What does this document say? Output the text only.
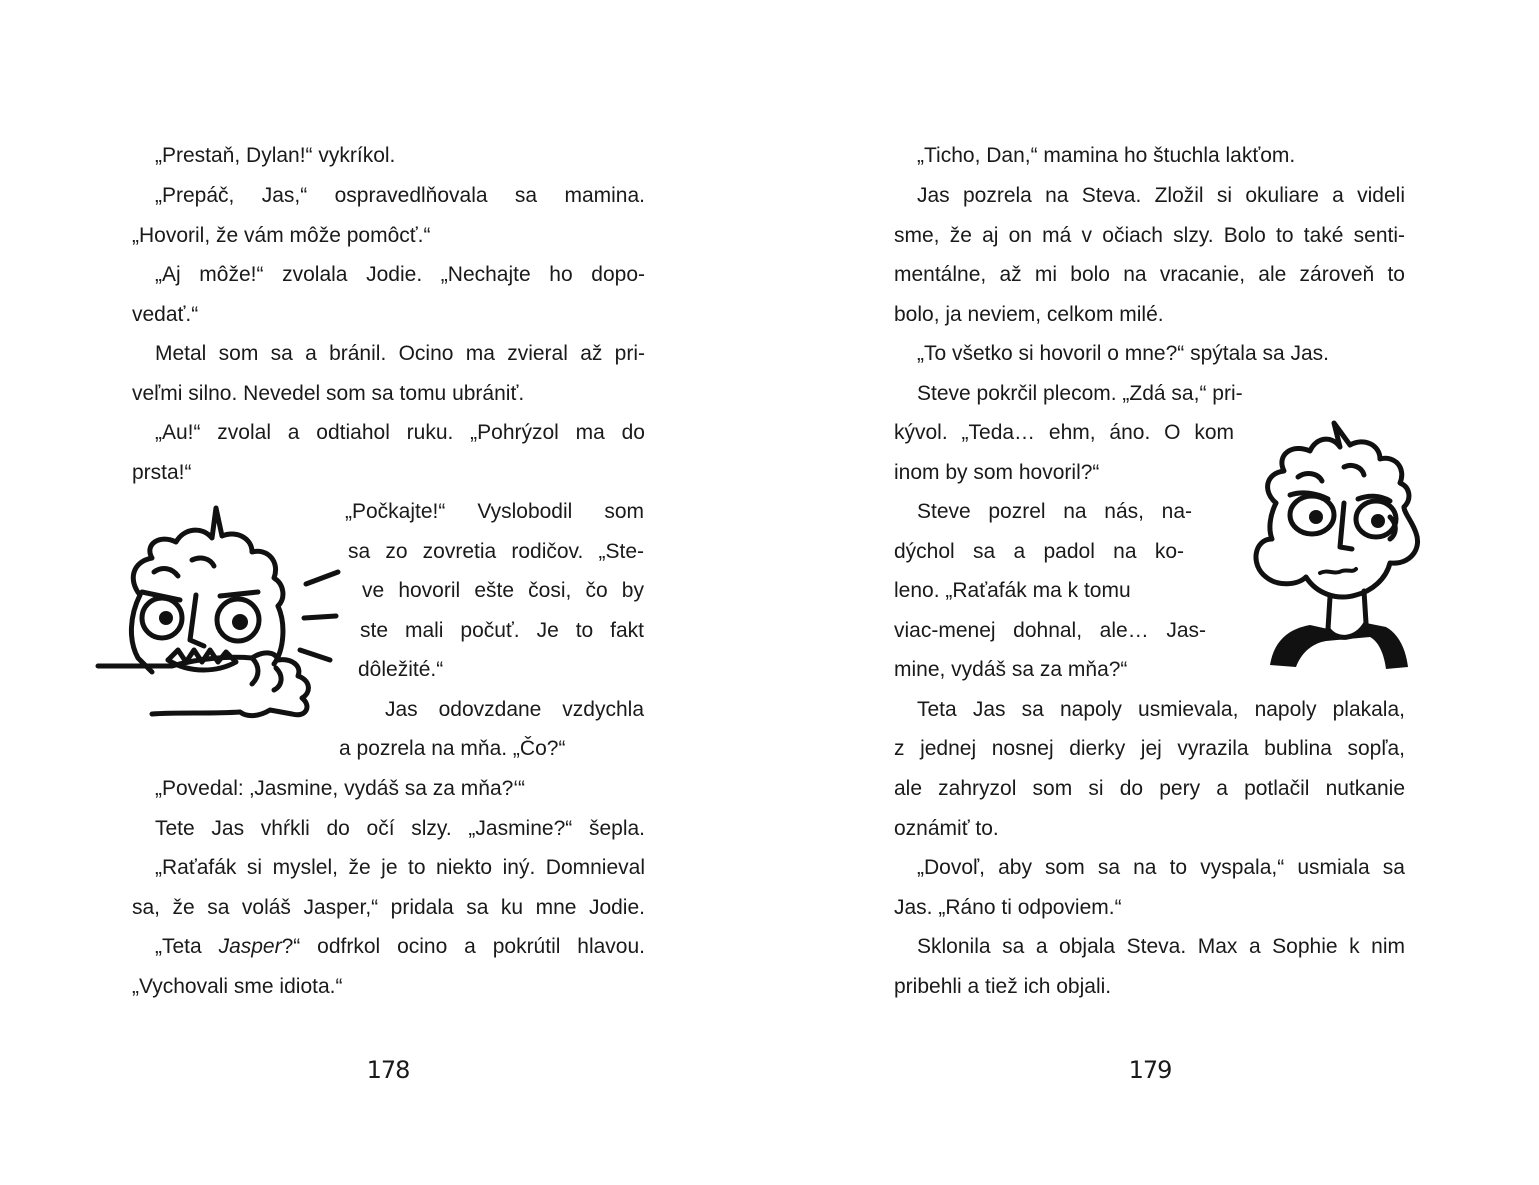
„Prestaň, Dylan!“ vykríkol.
„Prepáč, Jas,“ ospravedlňovala sa mamina.
„Hovoril, že vám môže pomôcť.“
„Aj môže!“ zvolala Jodie. „Nechajte ho dopo-
vedať.“
Metal som sa a bránil. Ocino ma zvieral až pri-
veľmi silno. Nevedel som sa tomu ubrániť.
„Au!“ zvolal a odtiahol ruku. „Pohrýzol ma do
prsta!“
„Počkajte!“ Vyslobodil som
sa zo zovretia rodičov. „Ste-
ve hovoril ešte čosi, čo by
ste mali počuť. Je to fakt
dôležité.“
Jas odovzdane vzdychla
a pozrela na mňa. „Čo?“
„Povedal: ‚Jasmine, vydáš sa za mňa?‘“
Tete Jas vhŕkli do očí slzy. „Jasmine?“ šepla.
„Raťafák si myslel, že je to niekto iný. Domnieval
sa, že sa voláš Jasper,“ pridala sa ku mne Jodie.
„Teta Jasper?“ odfrkol ocino a pokrútil hlavou.
„Vychovali sme idiota.“
178
„Ticho, Dan,“ mamina ho štuchla lakťom.
Jas pozrela na Steva. Zložil si okuliare a videli
sme, že aj on má v očiach slzy. Bolo to také senti-
mentálne, až mi bolo na vracanie, ale zároveň to
bolo, ja neviem, celkom milé.
„To všetko si hovoril o mne?“ spýtala sa Jas.
Steve pokrčil plecom. „Zdá sa,“ pri-
kývol. „Teda… ehm, áno. O kom
inom by som hovoril?“
Steve pozrel na nás, na-
dýchol sa a padol na ko-
leno. „Raťafák ma k tomu
viac-menej dohnal, ale… Jas-
mine, vydáš sa za mňa?“
Teta Jas sa napoly usmievala, napoly plakala,
z jednej nosnej dierky jej vyrazila bublina sopľa,
ale zahryzol som si do pery a potlačil nutkanie
oznámiť to.
„Dovoľ, aby som sa na to vyspala,“ usmiala sa
Jas. „Ráno ti odpoviem.“
Sklonila sa a objala Steva. Max a Sophie k nim
pribehli a tiež ich objali.
179
